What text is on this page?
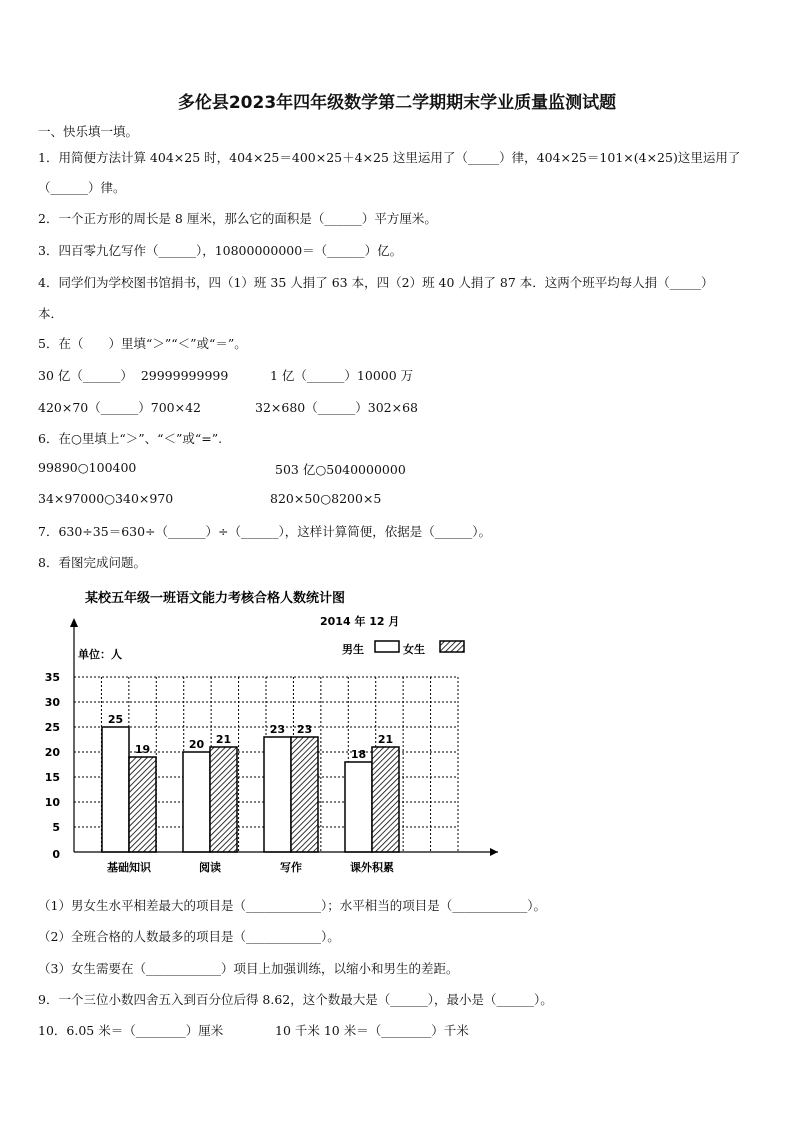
多伦县2023年四年级数学第二学期期末学业质量监测试题
一、快乐填一填。
1．用简便方法计算 404×25 时，404×25＝400×25＋4×25 这里运用了（_____）律，404×25＝101×(4×25)这里运用了
（______）律。
2．一个正方形的周长是 8 厘米，那么它的面积是（______）平方厘米。
3．四百零九亿写作（______），10800000000＝（______）亿。
4．同学们为学校图书馆捐书，四（1）班 35 人捐了 63 本，四（2）班 40 人捐了 87 本．这两个班平均每人捐（_____）
本．
5．在（　　）里填“＞”“＜”或“＝”。
30 亿（______）  29999999999	1 亿（______）10000 万
420×70（______）700×42	32×680（______）302×68
6．在○里填上“＞”、“＜”或“=”.
99890○100400	503 亿○5040000000
34×97000○340×970	820×50○8200×5
7．630÷35＝630÷（______）÷（______），这样计算简便，依据是（______）。
8．看图完成问题。
某校五年级一班语文能力考核合格人数统计图
2014 年 12 月
单位：人	男生	女生
0
5
10
15
20
25
30
35
25
19
基础知识
20 21
阅读
23 23
写作
18
21
课外积累
（1）男女生水平相差最大的项目是（____________）；水平相当的项目是（____________）。
（2）全班合格的人数最多的项目是（____________）。
（3）女生需要在（____________）项目上加强训练，以缩小和男生的差距。
9．一个三位小数四舍五入到百分位后得 8.62，这个数最大是（______），最小是（______）。
10．6.05 米＝（________）厘米	10 千米 10 米＝（________）千米
